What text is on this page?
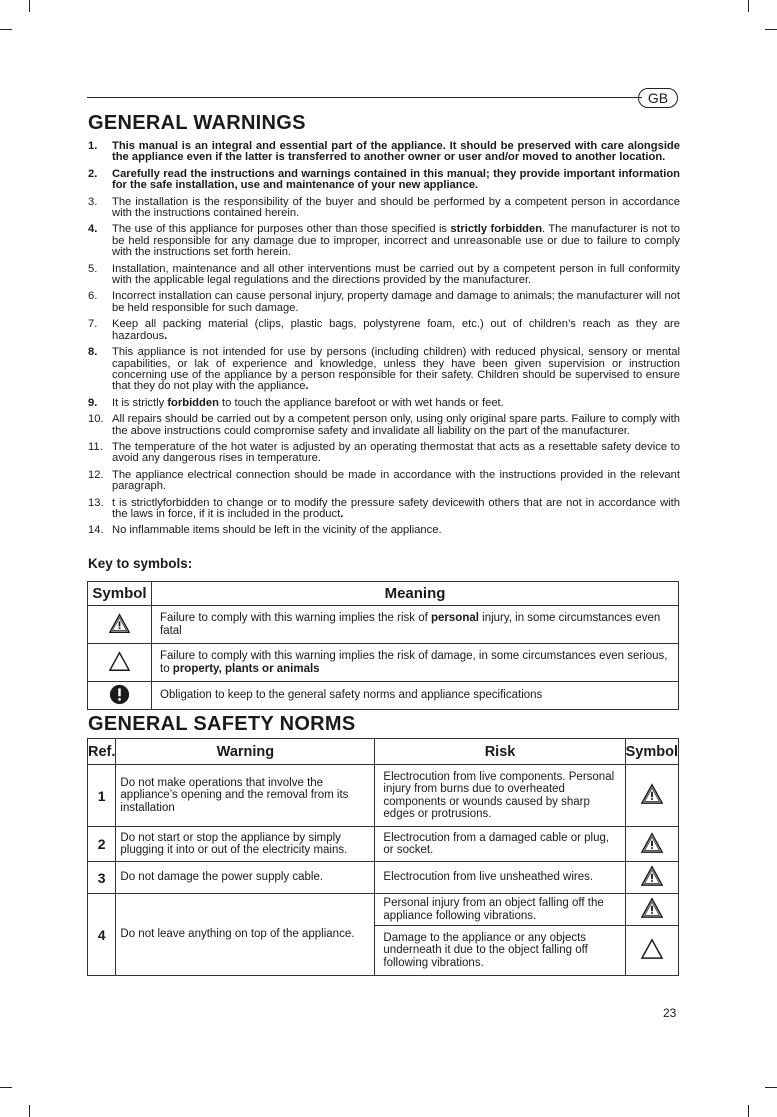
GB
GENERAL WARNINGS
1. This manual is an integral and essential part of the appliance. It should be preserved with care alongside the appliance even if the latter is transferred to another owner or user and/or moved to another location.
2. Carefully read the instructions and warnings contained in this manual; they provide important information for the safe installation, use and maintenance of your new appliance.
3. The installation is the responsibility of the buyer and should be performed by a competent person in accordance with the instructions contained herein.
4. The use of this appliance for purposes other than those specified is strictly forbidden. The manufacturer is not to be held responsible for any damage due to improper, incorrect and unreasonable use or due to failure to comply with the instructions set forth herein.
5. Installation, maintenance and all other interventions must be carried out by a competent person in full conformity with the applicable legal regulations and the directions provided by the manufacturer.
6. Incorrect installation can cause personal injury, property damage and damage to animals; the manufacturer will not be held responsible for such damage.
7. Keep all packing material (clips, plastic bags, polystyrene foam, etc.) out of children’s reach as they are hazardous.
8. This appliance is not intended for use by persons (including children) with reduced physical, sensory or mental capabilities, or lak of experience and knowledge, unless they have been given supervision or instruction concerning use of the appliance by a person responsible for their safety. Children should be supervised to ensure that they do not play with the appliance.
9. It is strictly forbidden to touch the appliance barefoot or with wet hands or feet.
10. All repairs should be carried out by a competent person only, using only original spare parts. Failure to comply with the above instructions could compromise safety and invalidate all liability on the part of the manufacturer.
11. The temperature of the hot water is adjusted by an operating thermostat that acts as a resettable safety device to avoid any dangerous rises in temperature.
12. The appliance electrical connection should be made in accordance with the instructions provided in the relevant paragraph.
13. t is strictlyforbidden to change or to modify the pressure safety devicewith others that are not in accordance with the laws in force, if it is included in the product.
14. No inflammable items should be left in the vicinity of the appliance.
Key to symbols:
Symbol	Meaning
	Failure to comply with this warning implies the risk of personal injury, in some circumstances even fatal
	Failure to comply with this warning implies the risk of damage, in some circumstances even serious, to property, plants or animals
	Obligation to keep to the general safety norms and appliance specifications
GENERAL SAFETY NORMS
Ref.	Warning	Risk	Symbol
1	Do not make operations that involve the appliance’s opening and the removal from its installation	Electrocution from live components. Personal injury from burns due to overheated components or wounds caused by sharp edges or protrusions.	
2	Do not start or stop the appliance by simply plugging it into or out of the electricity mains.	Electrocution from a damaged cable or plug, or socket.	
3	Do not damage the power supply cable.	Electrocution from live unsheathed wires.	
4	Do not leave anything on top of the appliance.	Personal injury from an object falling off the appliance following vibrations.	
		Damage to the appliance or any objects underneath it due to the object falling off following vibrations.	
23
